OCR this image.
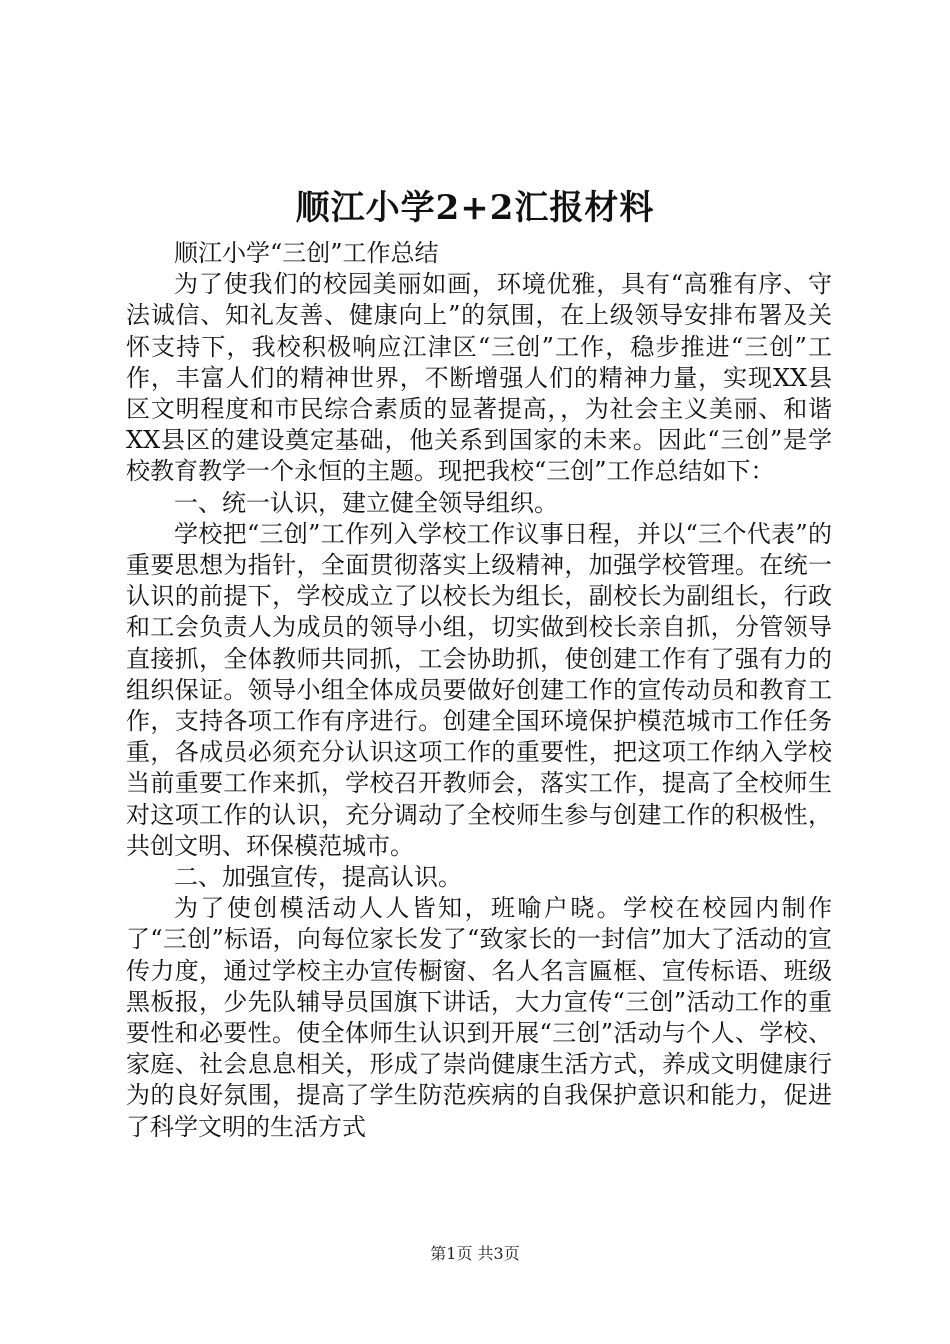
顺江小学2+2汇报材料

顺江小学“三创”工作总结

为了使我们的校园美丽如画，环境优雅，具有“高雅有序、守法诚信、知礼友善、健康向上”的氛围，在上级领导安排布署及关怀支持下，我校积极响应江津区“三创”工作，稳步推进“三创”工作，丰富人们的精神世界，不断增强人们的精神力量，实现XX县区文明程度和市民综合素质的显著提高，，为社会主义美丽、和谐XX县区的建设奠定基础，他关系到国家的未来。因此“三创”是学校教育教学一个永恒的主题。现把我校“三创”工作总结如下：

一、统一认识，建立健全领导组织。

学校把“三创”工作列入学校工作议事日程，并以“三个代表”的重要思想为指针，全面贯彻落实上级精神，加强学校管理。在统一认识的前提下，学校成立了以校长为组长，副校长为副组长，行政和工会负责人为成员的领导小组，切实做到校长亲自抓，分管领导直接抓，全体教师共同抓，工会协助抓，使创建工作有了强有力的组织保证。领导小组全体成员要做好创建工作的宣传动员和教育工作，支持各项工作有序进行。创建全国环境保护模范城市工作任务重，各成员必须充分认识这项工作的重要性，把这项工作纳入学校当前重要工作来抓，学校召开教师会，落实工作，提高了全校师生对这项工作的认识，充分调动了全校师生参与创建工作的积极性，共创文明、环保模范城市。

二、加强宣传，提高认识。

为了使创模活动人人皆知，班喻户晓。学校在校园内制作了“三创”标语，向每位家长发了“致家长的一封信”加大了活动的宣传力度，通过学校主办宣传橱窗、名人名言匾框、宣传标语、班级黑板报，少先队辅导员国旗下讲话，大力宣传“三创”活动工作的重要性和必要性。使全体师生认识到开展“三创”活动与个人、学校、家庭、社会息息相关，形成了崇尚健康生活方式，养成文明健康行为的良好氛围，提高了学生防范疾病的自我保护意识和能力，促进了科学文明的生活方式

第1页 共3页
